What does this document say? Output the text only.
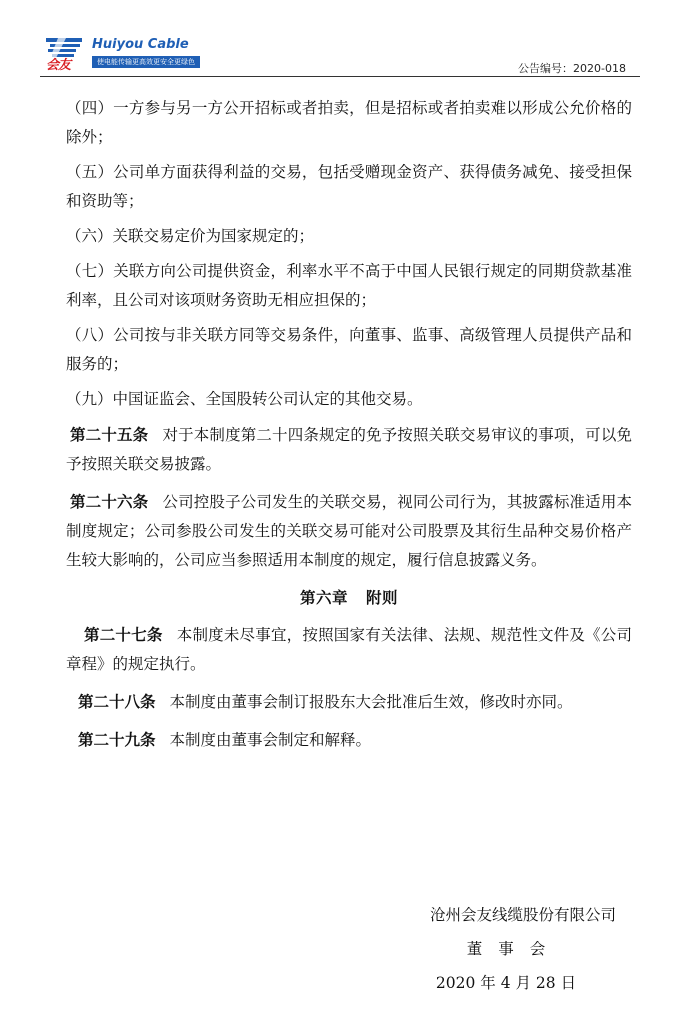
会友
Huiyou Cable
使电能传输更高效更安全更绿色	公告编号：2020-018

（四）一方参与另一方公开招标或者拍卖，但是招标或者拍卖难以形成公允价格的除外；

（五）公司单方面获得利益的交易，包括受赠现金资产、获得债务减免、接受担保和资助等；

（六）关联交易定价为国家规定的；

（七）关联方向公司提供资金，利率水平不高于中国人民银行规定的同期贷款基准利率，且公司对该项财务资助无相应担保的；

（八）公司按与非关联方同等交易条件，向董事、监事、高级管理人员提供产品和服务的；

（九）中国证监会、全国股转公司认定的其他交易。

第二十五条 对于本制度第二十四条规定的免予按照关联交易审议的事项，可以免予按照关联交易披露。

第二十六条 公司控股子公司发生的关联交易，视同公司行为，其披露标准适用本制度规定；公司参股公司发生的关联交易可能对公司股票及其衍生品种交易价格产生较大影响的，公司应当参照适用本制度的规定，履行信息披露义务。

第六章 附则

第二十七条 本制度未尽事宜，按照国家有关法律、法规、规范性文件及《公司章程》的规定执行。

第二十八条 本制度由董事会制订报股东大会批准后生效，修改时亦同。

第二十九条 本制度由董事会制定和解释。

沧州会友线缆股份有限公司
董事会
2020 年 4 月 28 日
